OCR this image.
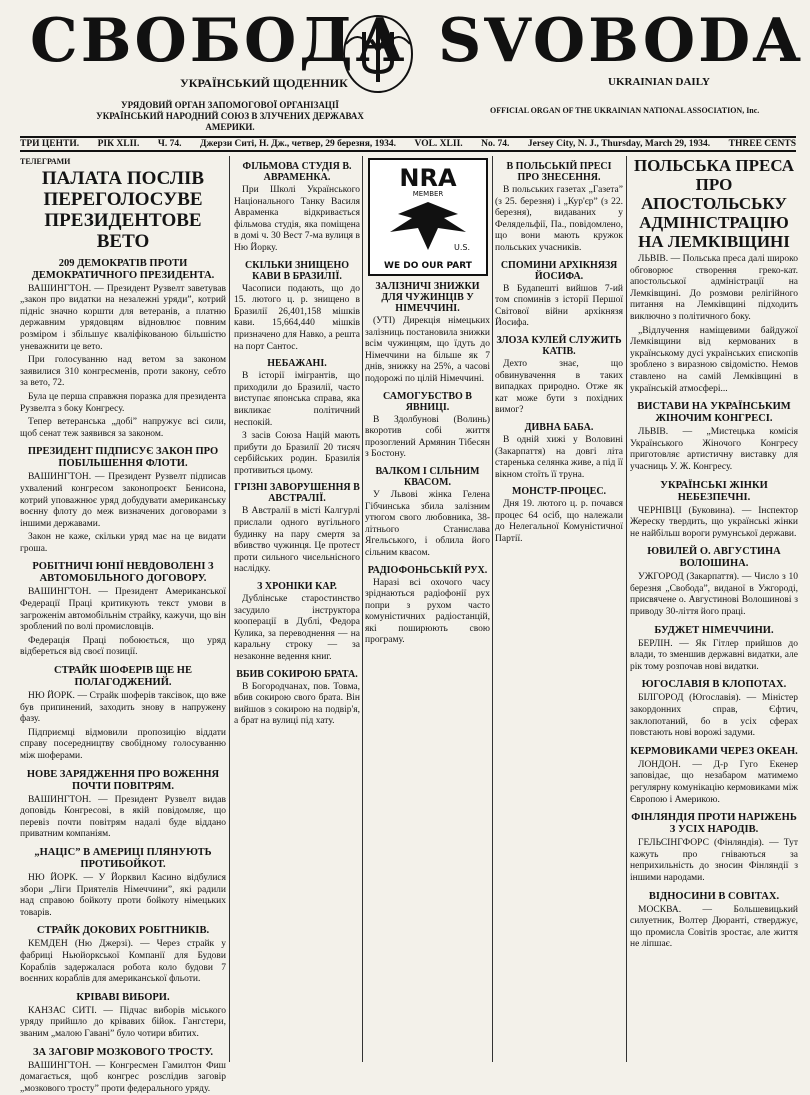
СВОБОДА SVOBODA
УКРАЇНСЬКИЙ ЩОДЕННИК	UKRAINIAN DAILY
УРЯДОВИЙ ОРГАН ЗАПОМОГОВОЇ ОРГАНІЗАЦІЇ УКРАЇНСЬКИЙ НАРОДНИЙ СОЮЗ В ЗЛУЧЕНИХ ДЕРЖАВАХ АМЕРИКИ.
OFFICIAL ORGAN OF THE UKRAINIAN NATIONAL ASSOCIATION, Inc.
ТРИ ЦЕНТИ. РІК XLII. Ч. 74. Джерзи Ситі, Н. Дж., четвер, 29 березня, 1934. VOL. XLII. No. 74. Jersey City, N. J., Thursday, March 29, 1934. THREE CENTS
ТЕЛЕГРАМИ
ПАЛАТА ПОСЛІВ ПЕРЕГОЛОСУВЕ ПРЕЗИДЕНТОВЕ ВЕТО
209 ДЕМОКРАТІВ ПРОТИ ДЕМОКРАТИЧНОГО ПРЕЗИДЕНТА.

ВАШИНГТОН. — Президент Рузвелт заветував „закон про видатки на незалежні уряди”, котрий підніс значно коршти для ветеранів, а платню державним урядовцям відновлює повним розміром і збільшує кваліфікованою більшістю уневажнити це вето.

При голосуванню над ветом за законом заявилися 310 конгресменів, проти закону, себто за вето, 72.

Була це перша справжня поразка для президента Рузвелта з боку Конгресу.

Тепер ветеранська „добі” напружує всі сили, щоб сенат теж заявився за законом.

ПРЕЗИДЕНТ ПІДПИСУЄ ЗАКОН ПРО ПОБІЛЬШЕННЯ ФЛОТИ.

ВАШИНГТОН. — Президент Рузвелт підписав ухвалений конгресом законопроєкт Бенисона, котрий уповажнює уряд добудувати американську воєнну флоту до меж визначених договорами з іншими державами.

Закон не каже, скільки уряд має на це видати гроша.

РОБІТНИЧІ ЮНІЇ НЕВДОВОЛЕНІ З АВТОМОБІЛЬНОГО ДОГОВОРУ.

ВАШИНГТОН. — Президент Американської Федерації Праці критикують текст умови в загроженім автомобільнім страйку, кажучи, що він зроблений по волі промисловців.

Федерація Праці побоюється, що уряд відбереться від своєї позиції.

СТРАЙК ШОФЕРІВ ЩЕ НЕ ПОЛАГОДЖЕНИЙ.

НЮ ЙОРК. — Страйк шоферів таксівок, що вже був припинений, заходить знову в напружену фазу.

Підприємці відмовили пропозицію віддати справу посередництву свобідному голосуванню між шоферами.

НОВЕ ЗАРЯДЖЕННЯ ПРО ВОЖЕННЯ ПОЧТИ ПОВІТРЯМ.

ВАШИНГТОН. — Президент Рузвелт видав доповідь Конгресові, в якій повідомляє, що перевіз почти повітрям надалі буде віддано приватним компаніям.

„НАЦІС” В АМЕРИЦІ ПЛЯНУЮТЬ ПРОТИБОЙКОТ.

НЮ ЙОРК. — У Йорквил Касино відбулися збори „Ліги Приятелів Німеччини”, які радили над справою бойкоту проти бойкоту німецьких товарів.

СТРАЙК ДОКОВИХ РОБІТНИКІВ.

КЕМДЕН (Ню Джерзі). — Через страйк у фабриці Ньюйоркської Компанії для Будови Кораблів задержалася робота коло будови 7 воєнних кораблів для американської фльоти.

КРІВАВІ ВИБОРИ.

КАНЗАС СИТІ. — Підчас виборів міського уряду прийшло до крівавих бійок. Гангстери, званим „малою Гавані” було чотири вбитих.

ЗА ЗАГОВІР МОЗКОВОГО ТРОСТУ.

ВАШИНГТОН. — Конгресмен Гамилтон Фиш домагається, щоб конгрес розслідив заговір „мозкового тросту” проти федерального уряду.

ФІЛЬМОВА СТУДІЯ В. АВРАМЕНКА.

При Школі Українського Національного Танку Василя Авраменка відкривається фільмова студія, яка поміщена в домі ч. 30 Вест 7-ма вулиця в Ню Йорку.

СКІЛЬКИ ЗНИЩЕНО КАВИ В БРАЗИЛІЇ.

Часописи подають, що до 15. лютого ц. р. знищено в Бразилії 26,401,158 мішків кави. 15,664,440 мішків призначено для Навко, а решта на порт Сантос.

НЕБАЖАНІ.

В історії імігрантів, що приходили до Бразилії, часто виступає японська справа, яка викликає політичний неспокій.

З засів Союза Націй мають прибути до Бразилії 20 тисяч сербійських родин. Бразилія противиться цьому.

ГРІЗНІ ЗАВОРУШЕННЯ В АВСТРАЛІЇ.

В Австралії в місті Калгурлі прислали одного вугільного будинку на пару смертя за вбивство чужинця. Це протест проти сильного чисельнісного наслідку.

З ХРОНІКИ КАР.

Дублінське старостинство засудило інструктора кооперації в Дублі, Федора Кулика, за переводнення — на каральну строку — за незаконне ведення книг.

ВБИВ СОКИРОЮ БРАТА.

В Богородчанах, пов. Товма, вбив сокирою свого брата. Він вийшов з сокирою на подвір'я, а брат на вулиці під хату.

NRA
MEMBER
U.S.
WE DO OUR PART
ЗАЛІЗНИЧІ ЗНИЖКИ ДЛЯ ЧУЖИНЦІВ У НІМЕЧЧИНІ.

(УТІ) Дирекція німецьких залізниць постановила знижки всім чужинцям, що їдуть до Німеччини на більше як 7 днів, знижку на 25%, а часові подорожі по цілій Німеччині.

САМОГУБСТВО В ЯВНИЦІ.

В Здолбунові (Волинь) вкоротив собі життя прозоглений Армянин Тібесян з Бостону.

ВАЛКОМ І СІЛЬНИМ КВАСОМ.

У Львові жінка Гелена Гібчинська збила залізним утюгом свого любовника, 38-літнього Станислава Ягельського, і облила його сільним квасом.

РАДІОФОНЬСЬКІЙ РУХ.

Наразі всі охочого часу зріднаються радіофонії рух попри з рухом часто комуністичних радіостанцій, які поширюють свою програму.

В ПОЛЬСЬКІЙ ПРЕСІ ПРО ЗНЕСЕННЯ.

В польських газетах „Газета” (з 25. березня) і „Кур'єр” (з 22. березня), видаваних у Фелядельфії, Па., повідомлено, що вони мають кружок польських учасників.

СПОМИНИ АРХІКНЯЗЯ ЙОСИФА.

В Будапешті вийшов 7-ий том споминів з історії Першої Світової війни архікнязя Йосифа.

ЗЛОЗА КУЛЕЙ СЛУЖИТЬ КАТІВ.

Дехто знає, що обвинувачення в таких випадках природно. Отже як кат може бути з похідних вимог?

ДИВНА БАБА.

В одній хижі у Воловині (Закарпаття) на довгі літа старенька селянка живе, а під її вікном стоїть її труна.

МОНСТР-ПРОЦЕС.

Дня 19. лютого ц. р. почався процес 64 осіб, що належали до Нелегальної Комуністичної Партії.

ПОЛЬСЬКА ПРЕСА ПРО АПОСТОЛЬСЬКУ АДМІНІСТРАЦІЮ НА ЛЕМКІВЩИНІ

ЛЬВІВ. — Польська преса далі широко обговорює створення греко-кат. апостольської адміністрації на Лемківщині. До розмови релігійного питання на Лемківщині підходить виключно з політичного боку.

„Відлучення наміщевими байдужої Лемківщини від кермованих в українському дусі українських єпископів зроблено з виразною свідомістю. Немов ставлено на самій Лемківщині в українській атмосфері...

ВИСТАВИ НА УКРАЇНСЬКИМ ЖІНОЧИМ КОНГРЕСІ.

ЛЬВІВ. — „Мистецька комісія Українського Жіночого Конгресу приготовляє артистичну виставку для учасниць У. Ж. Конгресу.

УКРАЇНСЬКІ ЖІНКИ НЕБЕЗПЕЧНІ.

ЧЕРНІВЦІ (Буковина). — Інспектор Жереску твердить, що українські жінки не найбільш вороги румунської держави.

ЮВИЛЕЙ О. АВГУСТИНА ВОЛОШИНА.

УЖГОРОД (Закарпаття). — Число з 10 березня „Свобода”, виданої в Ужгороді, присвячене о. Августинові Волошинові з приводу 30-ліття його праці.

БУДЖЕТ НІМЕЧЧИНИ.

БЕРЛІН. — Як Гітлер прийшов до влади, то зменшив державні видатки, але рік тому розпочав нові видатки.

ЮГОСЛАВІЯ В КЛОПОТАХ.

БІЛГОРОД (Югославія). — Міністер закордонних справ, Єфтич, заклопотаний, бо в усіх сферах повстають нові ворожі задуми.

КЕРМОВИКАМИ ЧЕРЕЗ ОКЕАН.

ЛОНДОН. — Д-р Гуго Екенер заповідає, що незабаром матимемо регулярну комунікацію кермовиками між Європою і Америкою.

ФІНЛЯНДІЯ ПРОТИ НАРІЖЕНЬ З УСІХ НАРОДІВ.

ГЕЛЬСІНГФОРС (Фінляндія). — Тут кажуть про гніваються за неприхильність до зносин Фінляндії з іншими народами.

ВІДНОСИНИ В СОВІТАХ.

МОСКВА. — Большевицький силуетник, Волтер Дюранті, стверджує, що промисла Совітів зростає, але життя не ліпшає.
